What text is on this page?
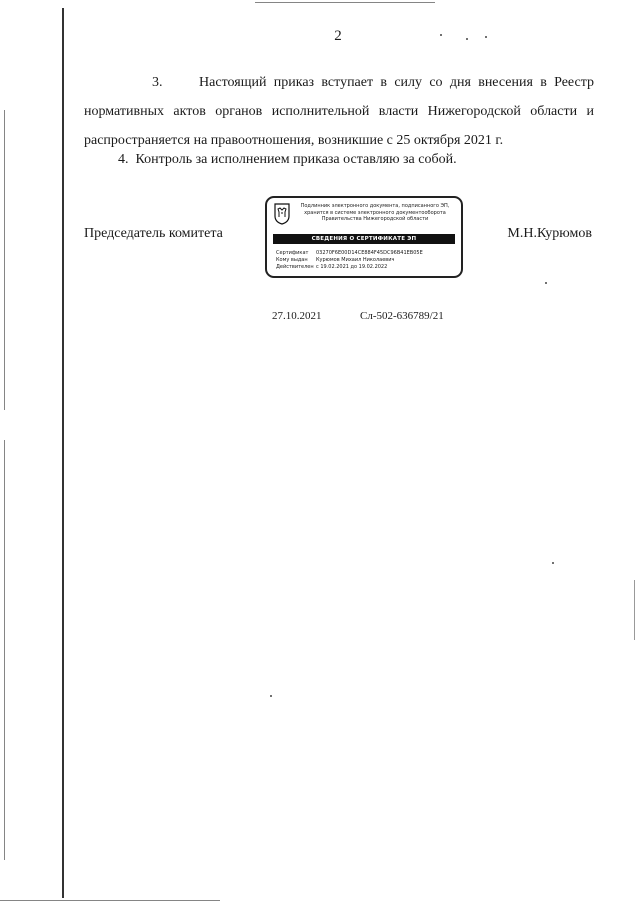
2
3.	Настоящий приказ вступает в силу со дня внесения в Реестр
нормативных актов органов исполнительной власти Нижегородской области и распространяется на правоотношения, возникшие с 25 октября 2021 г.
4. Контроль за исполнением приказа оставляю за собой.
Председатель комитета
Подлинник электронного документа, подписанного ЭП,
хранится в системе электронного документооборота
Правительства Нижегородской области
СВЕДЕНИЯ О СЕРТИФИКАТЕ ЭП
Сертификат 03270F6E00D14CE884F45DC96B41EB05E
Кому выдан Курюмов Михаил Николаевич
Действителен с 19.02.2021 до 19.02.2022
М.Н.Курюмов
27.10.2021	Сл-502-636789/21
